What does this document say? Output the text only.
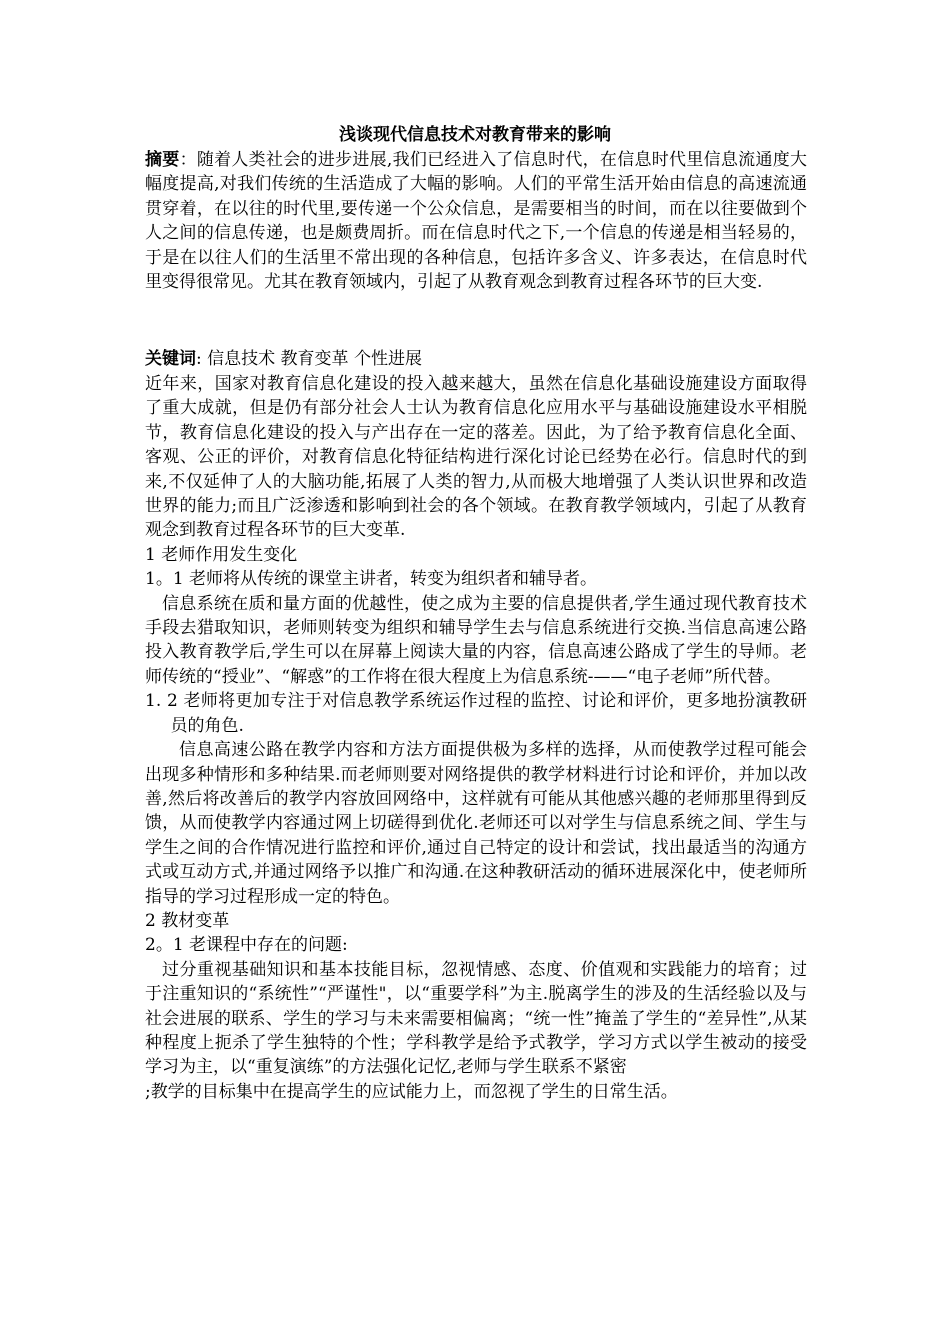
浅谈现代信息技术对教育带来的影响

摘要：随着人类社会的进步进展,我们已经进入了信息时代，在信息时代里信息流通度大幅度提高,对我们传统的生活造成了大幅的影响。人们的平常生活开始由信息的高速流通贯穿着，在以往的时代里,要传递一个公众信息，是需要相当的时间，而在以往要做到个人之间的信息传递，也是颇费周折。而在信息时代之下,一个信息的传递是相当轻易的，于是在以往人们的生活里不常出现的各种信息，包括许多含义、许多表达，在信息时代里变得很常见。尤其在教育领域内，引起了从教育观念到教育过程各环节的巨大变.

关键词: 信息技术 教育变革 个性进展

近年来，国家对教育信息化建设的投入越来越大，虽然在信息化基础设施建设方面取得了重大成就，但是仍有部分社会人士认为教育信息化应用水平与基础设施建设水平相脱节，教育信息化建设的投入与产出存在一定的落差。因此，为了给予教育信息化全面、客观、公正的评价，对教育信息化特征结构进行深化讨论已经势在必行。信息时代的到来,不仅延伸了人的大脑功能,拓展了人类的智力,从而极大地增强了人类认识世界和改造世界的能力;而且广泛渗透和影响到社会的各个领域。在教育教学领域内，引起了从教育观念到教育过程各环节的巨大变革.

1 老师作用发生变化

1。1 老师将从传统的课堂主讲者，转变为组织者和辅导者。

信息系统在质和量方面的优越性，使之成为主要的信息提供者,学生通过现代教育技术手段去猎取知识，老师则转变为组织和辅导学生去与信息系统进行交换.当信息高速公路投入教育教学后,学生可以在屏幕上阅读大量的内容，信息高速公路成了学生的导师。老师传统的“授业”、“解惑”的工作将在很大程度上为信息系统-——“电子老师”所代替。

1. 2 老师将更加专注于对信息教学系统运作过程的监控、讨论和评价，更多地扮演教研员的角色.

信息高速公路在教学内容和方法方面提供极为多样的选择，从而使教学过程可能会出现多种情形和多种结果.而老师则要对网络提供的教学材料进行讨论和评价，并加以改善,然后将改善后的教学内容放回网络中，这样就有可能从其他感兴趣的老师那里得到反馈，从而使教学内容通过网上切磋得到优化.老师还可以对学生与信息系统之间、学生与学生之间的合作情况进行监控和评价,通过自己特定的设计和尝试，找出最适当的沟通方式或互动方式,并通过网络予以推广和沟通.在这种教研活动的循环进展深化中，使老师所指导的学习过程形成一定的特色。

2 教材变革

2。1 老课程中存在的问题:

过分重视基础知识和基本技能目标，忽视情感、态度、价值观和实践能力的培育；过于注重知识的“系统性”“严谨性"，以“重要学科”为主.脱离学生的涉及的生活经验以及与社会进展的联系、学生的学习与未来需要相偏离；“统一性”掩盖了学生的“差异性”,从某种程度上扼杀了学生独特的个性；学科教学是给予式教学，学习方式以学生被动的接受学习为主，以“重复演练”的方法强化记忆,老师与学生联系不紧密

;教学的目标集中在提高学生的应试能力上，而忽视了学生的日常生活。
